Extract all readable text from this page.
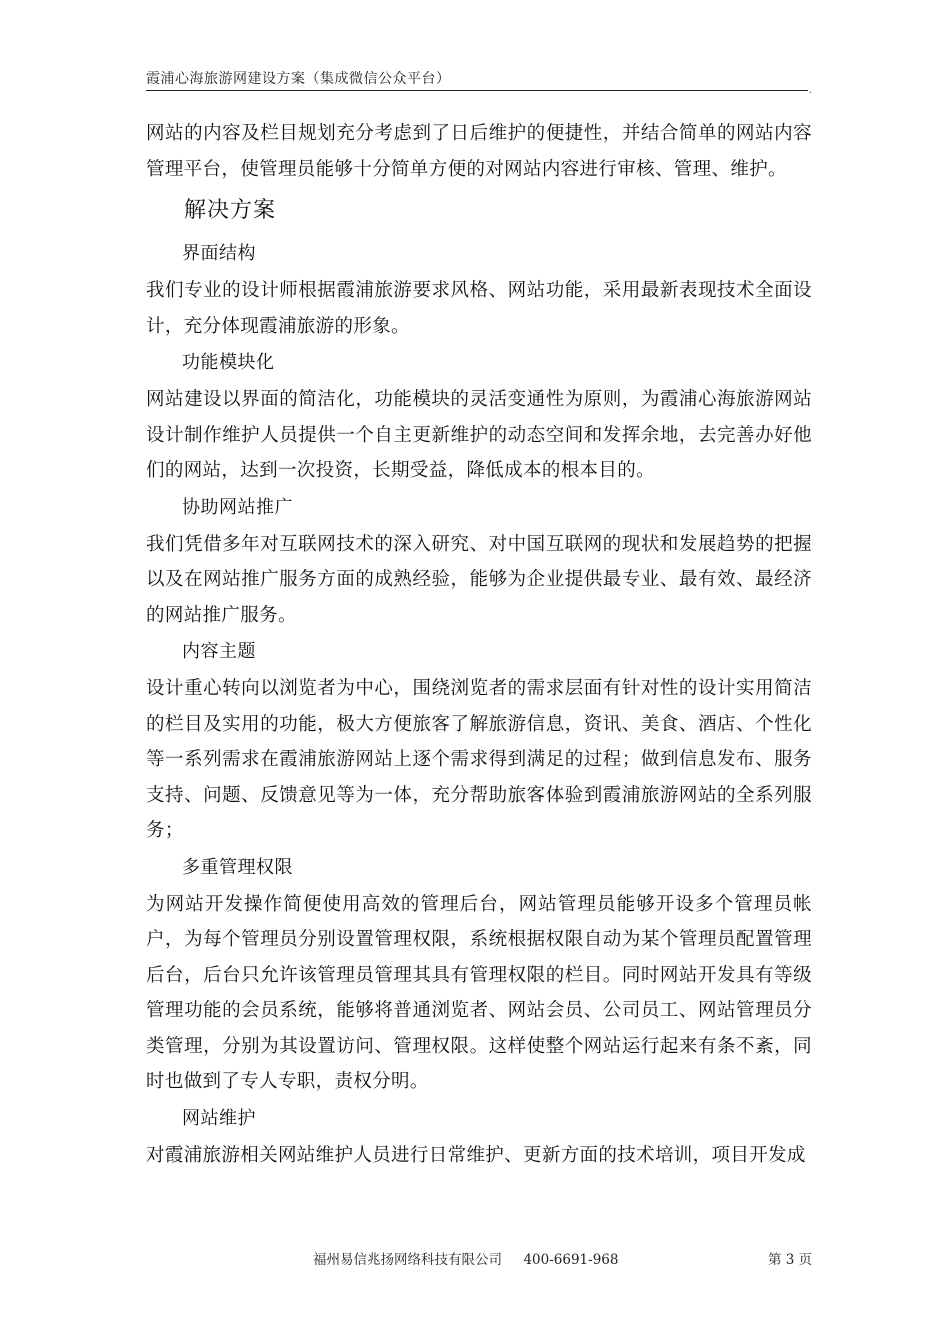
霞浦心海旅游网建设方案（集成微信公众平台）
.

网站的内容及栏目规划充分考虑到了日后维护的便捷性，并结合简单的网站内容管理平台，使管理员能够十分简单方便的对网站内容进行审核、管理、维护。

解决方案
界面结构

我们专业的设计师根据霞浦旅游要求风格、网站功能，采用最新表现技术全面设计，充分体现霞浦旅游的形象。

功能模块化

网站建设以界面的简洁化，功能模块的灵活变通性为原则，为霞浦心海旅游网站设计制作维护人员提供一个自主更新维护的动态空间和发挥余地，去完善办好他们的网站，达到一次投资，长期受益，降低成本的根本目的。

协助网站推广

我们凭借多年对互联网技术的深入研究、对中国互联网的现状和发展趋势的把握以及在网站推广服务方面的成熟经验，能够为企业提供最专业、最有效、最经济的网站推广服务。

内容主题

设计重心转向以浏览者为中心，围绕浏览者的需求层面有针对性的设计实用简洁的栏目及实用的功能，极大方便旅客了解旅游信息，资讯、美食、酒店、个性化等一系列需求在霞浦旅游网站上逐个需求得到满足的过程；做到信息发布、服务支持、问题、反馈意见等为一体，充分帮助旅客体验到霞浦旅游网站的全系列服务；

多重管理权限

为网站开发操作简便使用高效的管理后台，网站管理员能够开设多个管理员帐户，为每个管理员分别设置管理权限，系统根据权限自动为某个管理员配置管理后台，后台只允许该管理员管理其具有管理权限的栏目。同时网站开发具有等级管理功能的会员系统，能够将普通浏览者、网站会员、公司员工、网站管理员分类管理，分别为其设置访问、管理权限。这样使整个网站运行起来有条不紊，同时也做到了专人专职，责权分明。

网站维护

对霞浦旅游相关网站维护人员进行日常维护、更新方面的技术培训，项目开发成

福州易信兆扬网络科技有限公司     400-6691-968	第 3 页
